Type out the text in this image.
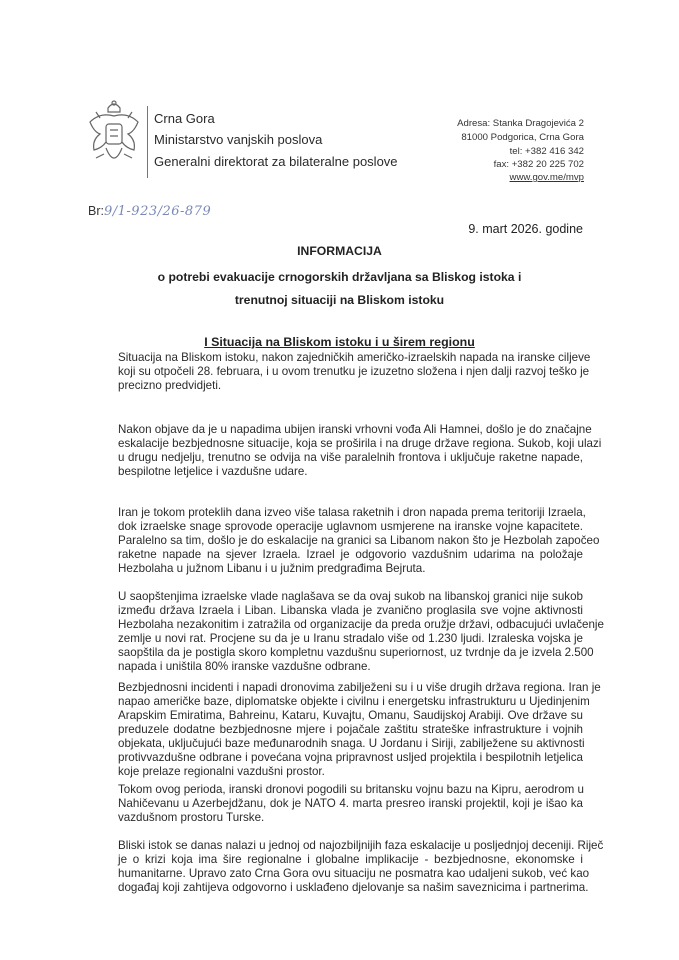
Crna Gora
Ministarstvo vanjskih poslova
Generalni direktorat za bilateralne poslove
Adresa: Stanka Dragojevića 2
81000 Podgorica, Crna Gora
tel: +382 416 342
fax: +382 20 225 702
www.gov.me/mvp
Br:9/1-923/26-879
9. mart 2026. godine
INFORMACIJA
o potrebi evakuacije crnogorskih državljana sa Bliskog istoka i
trenutnoj situaciji na Bliskom istoku
I Situacija na Bliskom istoku i u širem regionu
Situacija na Bliskom istoku, nakon zajedničkih američko-izraelskih napada na iranske ciljeve
koji su otpočeli 28. februara, i u ovom trenutku je izuzetno složena i njen dalji razvoj teško je
precizno predvidjeti.
Nakon objave da je u napadima ubijen iranski vrhovni vođa Ali Hamnei, došlo je do značajne
eskalacije bezbjednosne situacije, koja se proširila i na druge države regiona. Sukob, koji ulazi
u drugu nedjelju, trenutno se odvija na više paralelnih frontova i uključuje raketne napade,
bespilotne letjelice i vazdušne udare.
Iran je tokom proteklih dana izveo više talasa raketnih i dron napada prema teritoriji Izraela,
dok izraelske snage sprovode operacije uglavnom usmjerene na iranske vojne kapacitete.
Paralelno sa tim, došlo je do eskalacije na granici sa Libanom nakon što je Hezbolah započeo
raketne napade na sjever Izraela. Izrael je odgovorio vazdušnim udarima na položaje
Hezbolaha u južnom Libanu i u južnim predgrađima Bejruta.
U saopštenjima izraelske vlade naglašava se da ovaj sukob na libanskoj granici nije sukob
između država Izraela i Liban. Libanska vlada je zvanično proglasila sve vojne aktivnosti
Hezbolaha nezakonitim i zatražila od organizacije da preda oružje državi, odbacujući uvlačenje
zemlje u novi rat. Procjene su da je u Iranu stradalo više od 1.230 ljudi. Izraleska vojska je
saopštila da je postigla skoro kompletnu vazdušnu superiornost, uz tvrdnje da je izvela 2.500
napada i uništila 80% iranske vazdušne odbrane.
Bezbjednosni incidenti i napadi dronovima zabilježeni su i u više drugih država regiona. Iran je
napao američke baze, diplomatske objekte i civilnu i energetsku infrastrukturu u Ujedinjenim
Arapskim Emiratima, Bahreinu, Kataru, Kuvajtu, Omanu, Saudijskoj Arabiji. Ove države su
preduzele dodatne bezbjednosne mjere i pojačale zaštitu strateške infrastrukture i vojnih
objekata, uključujući baze međunarodnih snaga. U Jordanu i Siriji, zabilježene su aktivnosti
protivvazdušne odbrane i povećana vojna pripravnost usljed projektila i bespilotnih letjelica
koje prelaze regionalni vazdušni prostor.
Tokom ovog perioda, iranski dronovi pogodili su britansku vojnu bazu na Kipru, aerodrom u
Nahičevanu u Azerbejdžanu, dok je NATO 4. marta presreo iranski projektil, koji je išao ka
vazdušnom prostoru Turske.
Bliski istok se danas nalazi u jednoj od najozbiljnijih faza eskalacije u posljednjoj deceniji. Riječ
je o krizi koja ima šire regionalne i globalne implikacije - bezbjednosne, ekonomske i
humanitarne. Upravo zato Crna Gora ovu situaciju ne posmatra kao udaljeni sukob, već kao
događaj koji zahtijeva odgovorno i usklađeno djelovanje sa našim saveznicima i partnerima.
